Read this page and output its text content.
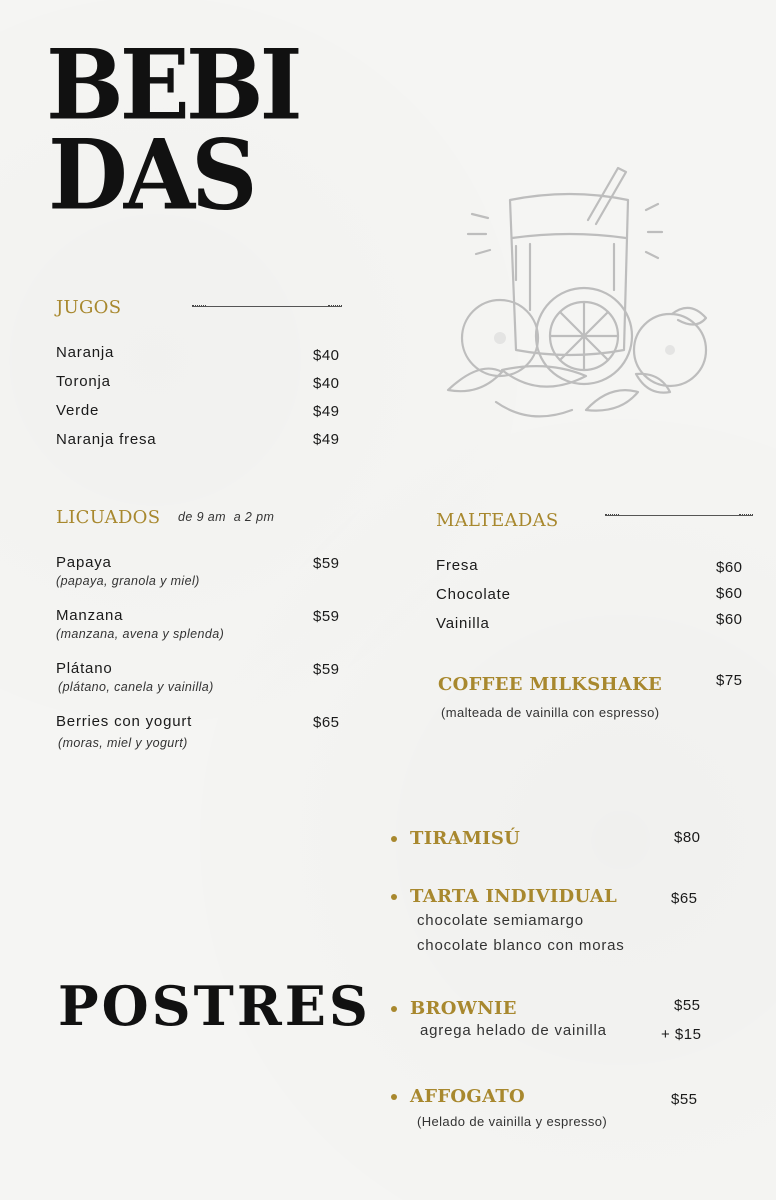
BEBI
DAS
JUGOS
Naranja	$40
Toronja	$40
Verde	$49
Naranja fresa	$49
LICUADOS de 9 am  a 2 pm
Papaya	$59
(papaya, granola y miel)
Manzana	$59
(manzana, avena y splenda)
Plátano	$59
(plátano, canela y vainilla)
Berries con yogurt	$65
(moras, miel y yogurt)
MALTEADAS
Fresa	$60
Chocolate	$60
Vainilla	$60
COFFEE MILKSHAKE	$75
(malteada de vainilla con espresso)
POSTRES
TIRAMISÚ	$80
TARTA INDIVIDUAL	$65
chocolate semiamargo
chocolate blanco con moras
BROWNIE	$55
agrega helado de vainilla	+ $15
AFFOGATO	$55
(Helado de vainilla y espresso)
